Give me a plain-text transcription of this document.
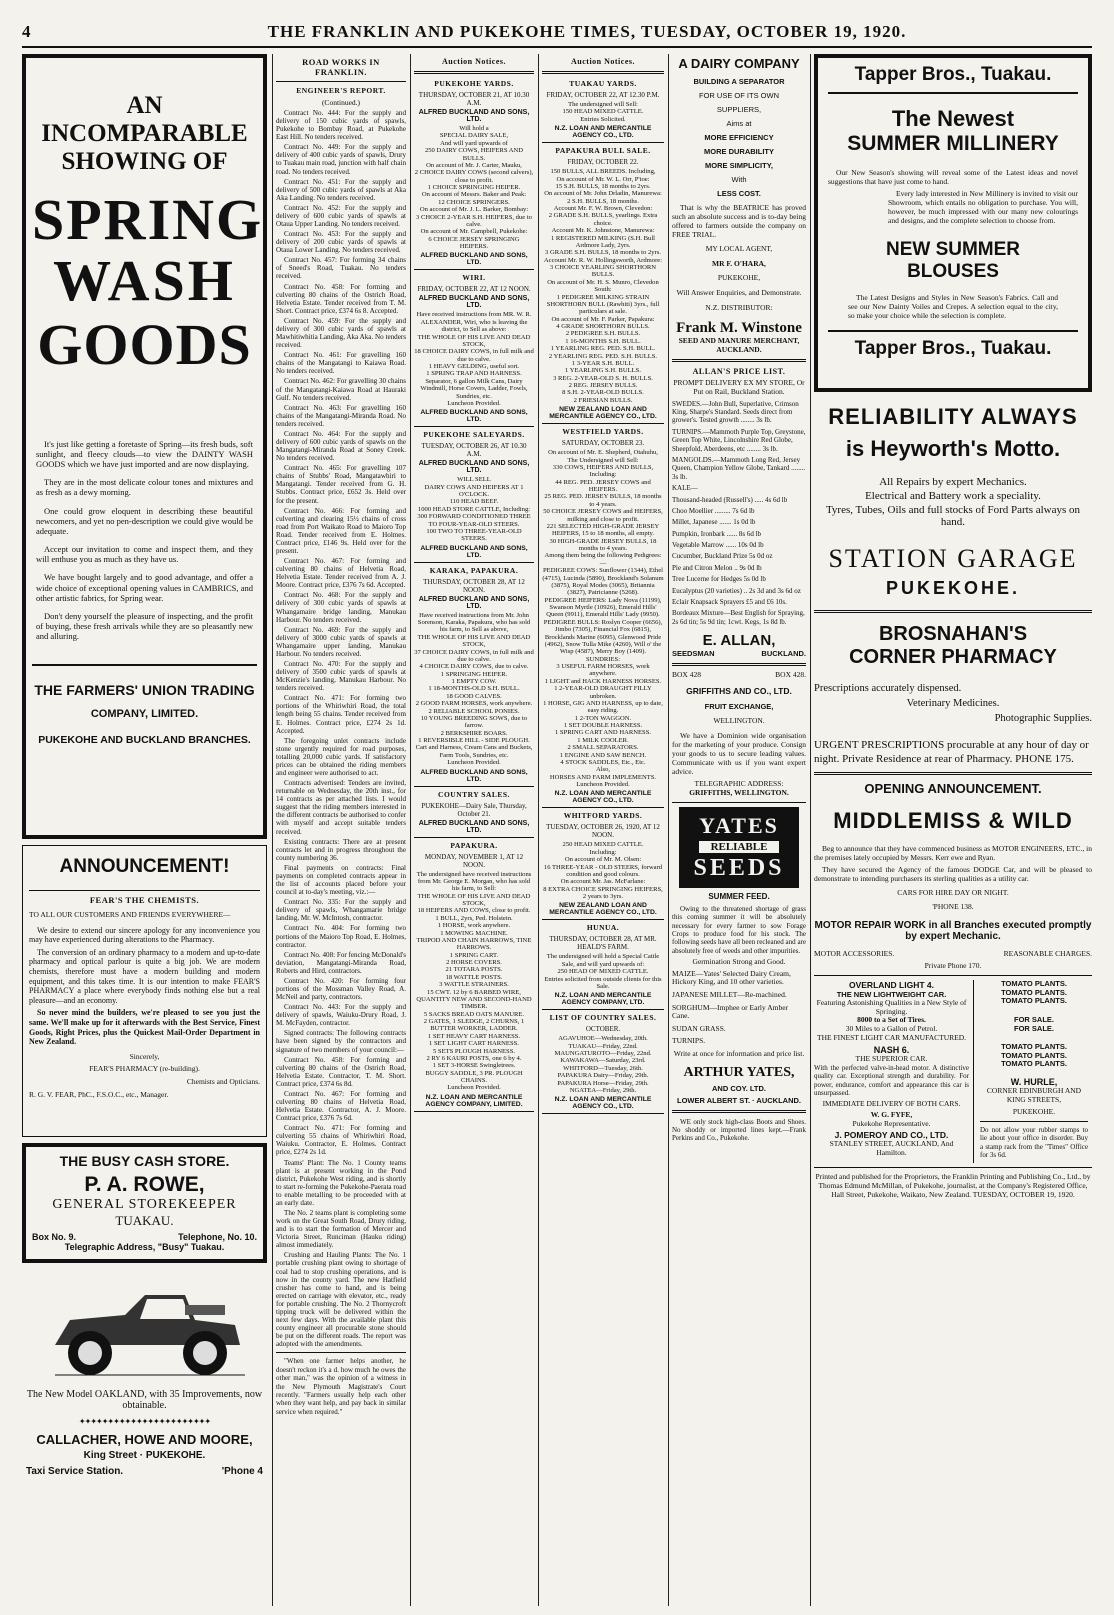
4	THE FRANKLIN AND PUKEKOHE TIMES, TUESDAY, OCTOBER 19, 1920.
AN INCOMPARABLE
SHOWING OF
SPRING
WASH
GOODS

It's just like getting a foretaste of Spring—its fresh buds, soft sunlight, and fleecy clouds—to view the DAINTY WASH GOODS which we have just imported and are now displaying.

They are in the most delicate colour tones and mixtures and as fresh as a dewy morning.

One could grow eloquent in describing these beautiful newcomers, and yet no pen-description we could give would be adequate.

Accept our invitation to come and inspect them, and they will enthuse you as much as they have us.

We have bought largely and to good advantage, and offer a wide choice of exceptional opening values in CAMBRICS, and other artistic fabrics, for Spring wear.

Don't deny yourself the pleasure of inspecting, and the profit of buying, these fresh arrivals while they are so pleasantly new and alluring.

THE FARMERS' UNION TRADING
COMPANY, LIMITED.
PUKEKOHE AND BUCKLAND BRANCHES.
ANNOUNCEMENT!
FEAR'S THE CHEMISTS.
TO ALL OUR CUSTOMERS AND FRIENDS EVERYWHERE—

We desire to extend our sincere apology for any inconvenience you may have experienced during alterations to the Pharmacy.

The conversion of an ordinary pharmacy to a modern and up-to-date pharmacy and optical parlour is quite a big job. We are modern chemists, therefore must have a modern building and modern equipment, and this takes time. It is our intention to make FEAR'S PHARMACY a place where everybody finds nothing else but a real pleasure—and an economy.

So never mind the builders, we're pleased to see you just the same. We'll make up for it afterwards with the Best Service, Finest Goods, Right Prices, plus the Quickest Mail-Order Department in New Zealand.

Sincerely,
FEAR'S PHARMACY (re-building).
Chemists and Opticians.
R. G. V. FEAR, PhC., F.S.O.C., etc., Manager.
THE BUSY CASH STORE.
P. A. ROWE,
GENERAL STOREKEEPER
TUAKAU.
Box No. 9.	Telephone, No. 10.
Telegraphic Address, "Busy" Tuakau.
The New Model OAKLAND, with 35 Improvements, now obtainable.
✦✦✦✦✦✦✦✦✦✦✦✦✦✦✦✦✦✦✦✦✦✦✦
CALLACHER, HOWE AND MOORE,
King Street · PUKEKOHE.
Taxi Service Station.	'Phone 4
ROAD WORKS IN FRANKLIN.
ENGINEER'S REPORT.
(Continued.)

Contract No. 444: For the supply and delivery of 150 cubic yards of spawls, Pukekohe to Bombay Road, at Pukekohe East Hill. No tenders received.

Contract No. 449: For the supply and delivery of 400 cubic yards of spawls, Drury to Tuakau main road, junction with half chain road. No tenders received.

Contract No. 451: For the supply and delivery of 500 cubic yards of spawls at Aka Aka Landing. No tenders received.

Contract No. 452: For the supply and delivery of 600 cubic yards of spawls at Otaua Upper Landing. No tenders received.

Contract No. 453: For the supply and delivery of 200 cubic yards of spawls at Otaua Lower Landing. No tenders received.

Contract No. 457: For forming 34 chains of Sneed's Road, Tuakau. No tenders received.

Contract No. 458: For forming and culverting 80 chains of the Ostrich Road, Helvetia Estate. Tender received from T. M. Short. Contract price, £374 6s 8. Accepted.

Contract No. 459: For the supply and delivery of 300 cubic yards of spawls at Mawhitiwhitia Landing, Aka Aka. No tenders received.

Contract No. 461: For gravelling 160 chains of the Mangatangi to Kaiawa Road. No tenders received.

Contract No. 462: For gravelling 30 chains of the Mangatangi-Kaiawa Road at Hauraki Gulf. No tenders received.

Contract No. 463: For gravelling 160 chains of the Mangatangi-Miranda Road. No tenders received.

Contract No. 464: For the supply and delivery of 600 cubic yards of spawls on the Mangatangi-Miranda Road at Soney Creek. No tenders received.

Contract No. 465: For gravelling 107 chains of Stubbs' Road, Mangatawhiri to Mangatangi. Tender received from G. H. Stubbs. Contract price, £652 3s. Held over for the present.

Contract No. 466: For forming and culverting and clearing 15½ chains of cross road from Port Waikato Road to Maioro Top Road. Tender received from E. Holmes. Contract price, £146 9s. Held over for the present.

Contract No. 467: For forming and culverting 80 chains of Helvetia Road, Helvetia Estate. Tender received from A. J. Moore. Contract price, £376 7s 6d. Accepted.

Contract No. 468: For the supply and delivery of 300 cubic yards of spawls at Whangamaire bridge landing, Manukau Harbour. No tenders received.

Contract No. 469: For the supply and delivery of 3000 cubic yards of spawls at Whangamaire upper landing, Manukau Harbour. No tenders received.

Contract No. 470: For the supply and delivery of 3500 cubic yards of spawls at McKenzie's landing, Manukau Harbour. No tenders received.

Contract No. 471: For forming two portions of the Whiriwhiri Road, the total length being 55 chains. Tender received from E. Holmes. Contract price, £274 2s 1d. Accepted.

The foregoing unlet contracts include stone urgently required for road purposes, totalling 20,000 cubic yards. If satisfactory prices can be obtained the riding members and engineer were authorised to act.

Contracts advertised: Tenders are invited, returnable on Wednesday, the 20th inst., for 14 contracts as per attached lists. I would suggest that the riding members interested in the different contracts be authorised to confer with myself and accept suitable tenders received.

Existing contracts: There are at present contracts let and in progress throughout the county numbering 36.

Final payments on contracts: Final payments on completed contracts appear in the list of accounts placed before your council at to-day's meeting, viz.:—

Contract No. 335: For the supply and delivery of spawls, Whangamarie bridge landing, Mr. W. McIntosh, contractor.

Contract No. 404: For forming two portions of the Maioro Top Road, E. Holmes, contractor.

Contract No. 408: For fencing McDonald's deviation, Mangatangi-Miranda Road, Roberts and Hird, contractors.

Contract No. 420: For forming four portions of the Mossman Valley Road, A. McNeil and party, contractors.

Contract No. 443: For the supply and delivery of spawls, Waiuku-Drury Road, J. M. McFayden, contractor.

Signed contracts: The following contracts have been signed by the contractors and signature of two members of your council:—

Contract No. 458: For forming and culverting 80 chains of the Ostrich Road, Helvetia Estate. Contractor, T. M. Short. Contract price, £374 6s 8d.

Contract No. 467: For forming and culverting 80 chains of Helvetia Road, Helvetia Estate. Contractor, A. J. Moore. Contract price, £376 7s 6d.

Contract No. 471: For forming and culverting 55 chains of Whiriwhiri Road, Waiuku. Contractor, E. Holmes. Contract price, £274 2s 1d.

Teams' Plant: The No. 1 County teams plant is at present working in the Pond district, Pukekohe West riding, and is shortly to start re-forming the Pukekohe-Paerata road to enable metalling to be proceeded with at an early date.

The No. 2 teams plant is completing some work on the Great South Road, Drury riding, and is to start the formation of Mercer and Victoria Street, Runciman (Hauku riding) almost immediately.

Crushing and Hauling Plants: The No. 1 portable crushing plant owing to shortage of coal had to stop crushing operations, and is now in the county yard. The new Hatfield crusher has come to hand, and is being erected on carriage with elevator, etc., ready for portable crushing. The No. 2 Thornycroft tipping truck will be delivered within the next few days. With the available plant this county engineer all procurable stone should be put on the different roads. The report was adopted with the amendments.

"When one farmer helps another, he doesn't reckon it's a d. how much he owes the other man," was the opinion of a witness in the New Plymouth Magistrate's Court recently. "Farmers usually help each other when they want help, and pay back in similar service when required."

Auction Notices.
PUKEKOHE YARDS.
THURSDAY, OCTOBER 21, AT 10.30 A.M.
ALFRED BUCKLAND AND SONS, LTD.
Will hold a
SPECIAL DAIRY SALE,
And will yard upwards of
250 DAIRY COWS, HEIFERS AND BULLS.
On account of Mr. J. Carter, Mauku,
2 CHOICE DAIRY COWS (second calvers), close to profit.
1 CHOICE SPRINGING HEIFER.
On account of Messrs. Baker and Peak:
12 CHOICE SPRINGERS.
On account of Mr. J. L. Barker, Bombay:
3 CHOICE 2-YEAR S.H. HEIFERS, due to calve.
On account of Mr. Campbell, Pukekohe:
6 CHOICE JERSEY SPRINGING HEIFERS.
ALFRED BUCKLAND AND SONS, LTD.
WIRI.
FRIDAY, OCTOBER 22, AT 12 NOON.
ALFRED BUCKLAND AND SONS, LTD.
Have received instructions from MR. W. R. ALEXANDER, Wiri, who is leaving the district, to Sell as above:
THE WHOLE OF HIS LIVE AND DEAD STOCK,
18 CHOICE DAIRY COWS, in full milk and due to calve.
1 HEAVY GELDING, useful sort.
1 SPRING TRAP AND HARNESS.
Separator, 6 gallon Milk Cans, Dairy Windmill, Horse Covers, Ladder, Fowls, Sundries, etc.
Luncheon Provided.
ALFRED BUCKLAND AND SONS, LTD.
PUKEKOHE SALEYARDS.
TUESDAY, OCTOBER 26, AT 10.30 A.M.
ALFRED BUCKLAND AND SONS, LTD.
WILL SELL
DAIRY COWS AND HEIFERS AT 1 O'CLOCK.
110 HEAD BEEF.
1000 HEAD STORE CATTLE, Including:
300 FORWARD CONDITIONED THREE TO FOUR-YEAR-OLD STEERS.
100 TWO TO THREE-YEAR-OLD STEERS.
ALFRED BUCKLAND AND SONS, LTD.
KARAKA, PAPAKURA.
THURSDAY, OCTOBER 28, AT 12 NOON.
ALFRED BUCKLAND AND SONS, LTD.
Have received instructions from Mr. John Sorenson, Karaka, Papakura, who has sold his farm, to Sell as above,
THE WHOLE OF HIS LIVE AND DEAD STOCK,
37 CHOICE DAIRY COWS, in full milk and due to calve.
4 CHOICE DAIRY COWS, due to calve.
1 SPRINGING HEIFER.
1 EMPTY COW.
1 18-MONTHS-OLD S.H. BULL.
18 GOOD CALVES.
2 GOOD FARM HORSES, work anywhere.
2 RELIABLE SCHOOL PONIES.
10 YOUNG BREEDING SOWS, due to farrow.
2 BERKSHIRE BOARS.
1 REVERSIBLE HILL - SIDE PLOUGH.
Cart and Harness, Cream Cans and Buckets, Farm Tools, Sundries, etc.
Luncheon Provided.
ALFRED BUCKLAND AND SONS, LTD.
COUNTRY SALES.
PUKEKOHE—Dairy Sale, Thursday, October 21.
ALFRED BUCKLAND AND SONS, LTD.
PAPAKURA.
MONDAY, NOVEMBER 1, AT 12 NOON.
The undersigned have received instructions from Mr. George E. Morgan, who has sold his farm, to Sell:
THE WHOLE OF HIS LIVE AND DEAD STOCK,
18 HEIFERS AND COWS, close to profit.
1 BULL, 2yrs, Ped. Holstein.
1 HORSE, work anywhere.
1 MOWING MACHINE.
TRIPOD AND CHAIN HARROWS, TINE HARROWS.
1 SPRING CART.
2 HORSE COVERS.
21 TOTARA POSTS.
18 WATTLE POSTS.
3 WATTLE STRAINERS.
15 CWT. 12 by 6 BARBED WIRE, QUANTITY NEW AND SECOND-HAND TIMBER.
5 SACKS BREAD OATS MANURE.
2 GATES, 1 SLEDGE, 2 CHURNS, 1 BUTTER WORKER, LADDER.
1 SET HEAVY CART HARNESS.
1 SET LIGHT CART HARNESS.
5 SETS PLOUGH HARNESS.
2 RY 6 KAURI POSTS, one 6 by 4.
1 SET 3-HORSE Swingletrees.
BUGGY SADDLE, 3 PR. PLOUGH CHAINS.
Luncheon Provided.
N.Z. LOAN AND MERCANTILE AGENCY COMPANY, LIMITED.
Auction Notices.
TUAKAU YARDS.
FRIDAY, OCTOBER 22, AT 12.30 P.M.
The undersigned will Sell:
150 HEAD MIXED CATTLE.
Entries Solicited.
N.Z. LOAN AND MERCANTILE AGENCY CO., LTD.
PAPAKURA BULL SALE.
FRIDAY, OCTOBER 22.
150 BULLS, ALL BREEDS. Including,
On account of Mr. W. L. Orr, P'toe:
15 S.H. BULLS, 18 months to 2yrs.
On account of Mr. John Drladin, Manurewa:
2 S.H. BULLS, 18 months.
Account Mr. F. W. Brown, Clevedon:
2 GRADE S.H. BULLS, yearlings. Extra choice.
Account Mr. K. Johnstone, Manurewa:
1 REGISTERED MILKING (S.H. Bull Ardmore Lady, 2yrs.
3 GRADE S.H. BULLS, 18 months to 2yrs.
Account Mr. R. W. Hollingsworth, Ardmore:
3 CHOICE YEARLING SHORTHORN BULLS.
On account of Mr. H. S. Munro, Clevedon South:
1 PEDIGREE MILKING STRAIN SHORTHORN BULL (Rawhiti) 3yrs., full particulars at sale.
On account of Mr. F. Parker, Papakura:
4 GRADE SHORTHORN BULLS.
2 PEDIGREE S.H. BULLS.
1 16-MONTHS S.H. BULL.
1 YEARLING REG. PED. S.H. BULL.
2 YEARLING REG. PED. S.H. BULLS.
1 3-YEAR S.H. BULL.
1 YEARLING S.H. BULLS.
3 REG. 2-YEAR-OLD S. H. BULLS.
2 REG. JERSEY BULLS.
8 S.H. 2-YEAR-OLD BULLS.
2 FRIESIAN BULLS.
NEW ZEALAND LOAN AND MERCANTILE AGENCY CO., LTD.
WESTFIELD YARDS.
SATURDAY, OCTOBER 23.
On account of Mr. E. Shepherd, Otahuhu,
The Undersigned will Sell:
330 COWS, HEIFERS AND BULLS, Including:
44 REG. PED. JERSEY COWS and HEIFERS.
25 REG. PED. JERSEY BULLS, 18 months to 4 years.
50 CHOICE JERSEY COWS and HEIFERS, milking and close to profit.
221 SELECTED HIGH-GRADE JERSEY HEIFERS, 15 to 18 months, all empty.
30 HIGH-GRADE JERSEY BULLS, 18 months to 4 years.
Among them being the following Pedigrees:—
PEDIGREE COWS: Sunflower (1344), Ethel (4715), Lucinda (5890), Brockland's Solanum (3875), Royal Modes (3065), Britannia (3827), Patricianne (5268).
PEDIGREE HEIFERS: Lady Nova (11199), Swanson Myrtle (10926), Emerald Hills' Queen (9911), Emerald Hills' Lady (9950).
PEDIGREE BULLS: Roslyn Cooper (6656), Jimbo (7305), Financial Fox (6815), Brocklands Marine (6095), Glenwood Pride (4962), Snow Tulla Mike (4260), Will o' the Wisp (4587), Merry Boy (1409).
SUNDRIES:
3 USEFUL FARM HORSES, work anywhere.
1 LIGHT and HACK HARNESS HORSES.
1 2-YEAR-OLD DRAUGHT FILLY unbroken.
1 HORSE, GIG AND HARNESS, up to date, easy riding.
1 2-TON WAGGON.
1 SET DOUBLE HARNESS.
1 SPRING CART AND HARNESS.
1 MILK COOLER.
2 SMALL SEPARATORS.
1 ENGINE AND SAW BENCH.
4 STOCK SADDLES, Etc., Etc.
Also,
HORSES AND FARM IMPLEMENTS.
Luncheon Provided.
N.Z. LOAN AND MERCANTILE AGENCY CO., LTD.
WHITFORD YARDS.
TUESDAY, OCTOBER 26, 1920, AT 12 NOON.
250 HEAD MIXED CATTLE.
Including:
On account of Mr. M. Olsen:
16 THREE-YEAR - OLD STEERS, forward condition and good colours.
On account Mr. Jas. McFarlane:
8 EXTRA CHOICE SPRINGING HEIFERS, 2 years to 3yrs.
NEW ZEALAND LOAN AND MERCANTILE AGENCY CO., LTD.
HUNUA.
THURSDAY, OCTOBER 28, AT MR. HEALD'S FARM.
The undersigned will hold a Special Cattle Sale, and will yard upwards of:
250 HEAD OF MIXED CATTLE.
Entries solicited from outside clients for this Sale.
N.Z. LOAN AND MERCANTILE AGENCY COMPANY, LTD.
LIST OF COUNTRY SALES.
OCTOBER.
AGAVUHOE—Wednesday, 20th.
TUAKAU—Friday, 22nd.
MAUNGATUROTO—Friday, 22nd.
KAWAKAWA—Saturday, 23rd.
WHITFORD—Tuesday, 26th.
PAPAKURA Dairy—Friday, 29th.
PAPAKURA Horse—Friday, 29th.
NGATEA—Friday, 29th.
N.Z. LOAN AND MERCANTILE AGENCY CO., LTD.
A DAIRY COMPANY
BUILDING A SEPARATOR
FOR USE OF ITS OWN
SUPPLIERS,
Aims at
MORE EFFICIENCY
MORE DURABILITY
MORE SIMPLICITY,
With
LESS COST.

That is why the BEATRICE has proved such an absolute success and is to-day being offered to farmers outside the company on FREE TRIAL.

MY LOCAL AGENT,
MR F. O'HARA,
PUKEKOHE,
Will Answer Enquiries, and Demonstrate.
N.Z. DISTRIBUTOR:
Frank M. Winstone
SEED AND MANURE MERCHANT, AUCKLAND.
ALLAN'S PRICE LIST.
PROMPT DELIVERY EX MY STORE, Or Put on Rail, Buckland Station.
SWEDES.—John Bull, Superlative, Crimson King, Sharpe's Standard. Seeds direct from grower's. Tested growth ........ 3s lb.
TURNIPS.—Mammoth Purple Top, Greystone, Green Top White, Lincolnshire Red Globe, Sheepfold, Aberdeens, etc ........ 3s lb.
MANGOLDS.—Mammoth Long Red, Jersey Queen, Champion Yellow Globe, Tankard ........ 3s lb.
KALE—
Thousand-headed (Russell's) ..... 4s 6d lb
Choo Moellier ......... 7s 6d lb
Millet, Japanese ....... 1s 0d lb
Pumpkin, Ironbark ...... 8s 6d lb
Vegetable Marrow ...... 10s 0d lb
Cucumber, Buckland Prize 5s 0d oz
Pie and Citron Melon .. 9s 0d lb
Tree Lucerne for Hedges 5s 0d lb
Eucalyptus (20 varieties) .. 2s 3d and 3s 6d oz
Eclair Knapsack Sprayers £5 and £6 10s.
Bordeaux Mixture—Best English for Spraying, 2s 6d tin; 5s 9d tin; 1cwt. Kegs, 1s 8d lb.
E. ALLAN,
SEEDSMAN	BUCKLAND.
BOX 428	BOX 428.
GRIFFITHS AND CO., LTD.
FRUIT EXCHANGE,
WELLINGTON.

We have a Dominion wide organisation for the marketing of your produce. Consign your goods to us to secure leading values. Communicate with us if you want expert advice.

TELEGRAPHIC ADDRESS:
GRIFFITHS, WELLINGTON.
YATES
RELIABLE
SEEDS
SUMMER FEED.

Owing to the threatened shortage of grass this coming summer it will be absolutely necessary for every farmer to sow Forage Crops to produce food for his stock. The following seeds have all been recleaned and are absolutely free of weeds and other impurities.

Germination Strong and Good.
MAIZE—Yates' Selected Dairy Cream, Hickory King, and 10 other varieties.
JAPANESE MILLET—Re-machined.
SORGHUM—Imphee or Early Amber Cane.
SUDAN GRASS.
TURNIPS.
Write at once for information and price list.
ARTHUR YATES,
AND COY. LTD.
LOWER ALBERT ST. · AUCKLAND.

WE only stock high-class Boots and Shoes. No shoddy or imported lines kept.—Frank Perkins and Co., Pukekohe.

Tapper Bros., Tuakau.
The Newest
SUMMER MILLINERY

Our New Season's showing will reveal some of the Latest ideas and novel suggestions that have just come to hand.

Every lady interested in New Millinery is invited to visit our Showroom, which entails no obligation to purchase. You will, however, be much impressed with our many new colourings and designs, and the complete selection to choose from.

NEW SUMMER
BLOUSES

The Latest Designs and Styles in New Season's Fabrics. Call and see our New Dainty Voiles and Crepes. A selection equal to the city, so make your choice while the selection is complete.

Tapper Bros., Tuakau.
RELIABILITY ALWAYS
is Heyworth's Motto.
All Repairs by expert Mechanics.
Electrical and Battery work a speciality.
Tyres, Tubes, Oils and full stocks of Ford Parts always on hand.
STATION GARAGE
PUKEKOHE.
BROSNAHAN'S
CORNER PHARMACY
Prescriptions accurately dispensed.
Veterinary Medicines.
Photographic Supplies.
URGENT PRESCRIPTIONS procurable at any hour of day or night. Private Residence at rear of Pharmacy. PHONE 175.
OPENING ANNOUNCEMENT.
MIDDLEMISS & WILD

Beg to announce that they have commenced business as MOTOR ENGINEERS, ETC., in the premises lately occupied by Messrs. Kerr ewe and Ryan.

They have secured the Agency of the famous DODGE Car, and will be pleased to demonstrate to intending purchasers its sterling qualities as a utility car.

CARS FOR HIRE DAY OR NIGHT.
'PHONE 138.
MOTOR REPAIR WORK in all Branches executed promptly by expert Mechanic.
MOTOR ACCESSORIES.	REASONABLE CHARGES.
Private Phone 170.
OVERLAND LIGHT 4.
THE NEW LIGHTWEIGHT CAR.
Featuring Astonishing Qualities in a New Style of Springing.
8000 to a Set of Tires.
30 Miles to a Gallon of Petrol.
THE FINEST LIGHT CAR MANUFACTURED.
NASH 6.
THE SUPERIOR CAR.

With the perfected valve-in-head motor. A distinctive quality car. Exceptional strength and durability. For power, endurance, comfort and appearance this car is unsurpassed.

IMMEDIATE DELIVERY OF BOTH CARS.
W. G. FYFE,
Pukekohe Representative.
J. POMEROY AND CO., LTD.
STANLEY STREET, AUCKLAND, And Hamilton.
TOMATO PLANTS.
TOMATO PLANTS.
TOMATO PLANTS.
FOR SALE.
FOR SALE.
TOMATO PLANTS.
TOMATO PLANTS.
TOMATO PLANTS.
W. HURLE,
CORNER EDINBURGH AND KING STREETS,
PUKEKOHE.

Do not allow your rubber stamps to lie about your office in disorder. Buy a stamp rack from the "Times" Office for 3s 6d.

Printed and published for the Proprietors, the Franklin Printing and Publishing Co., Ltd., by Thomas Edmund McMillan, of Pukekohe, journalist, at the Company's Registered Office, Hall Street, Pukekohe, Waikato, New Zealand. TUESDAY, OCTOBER 19, 1920.
